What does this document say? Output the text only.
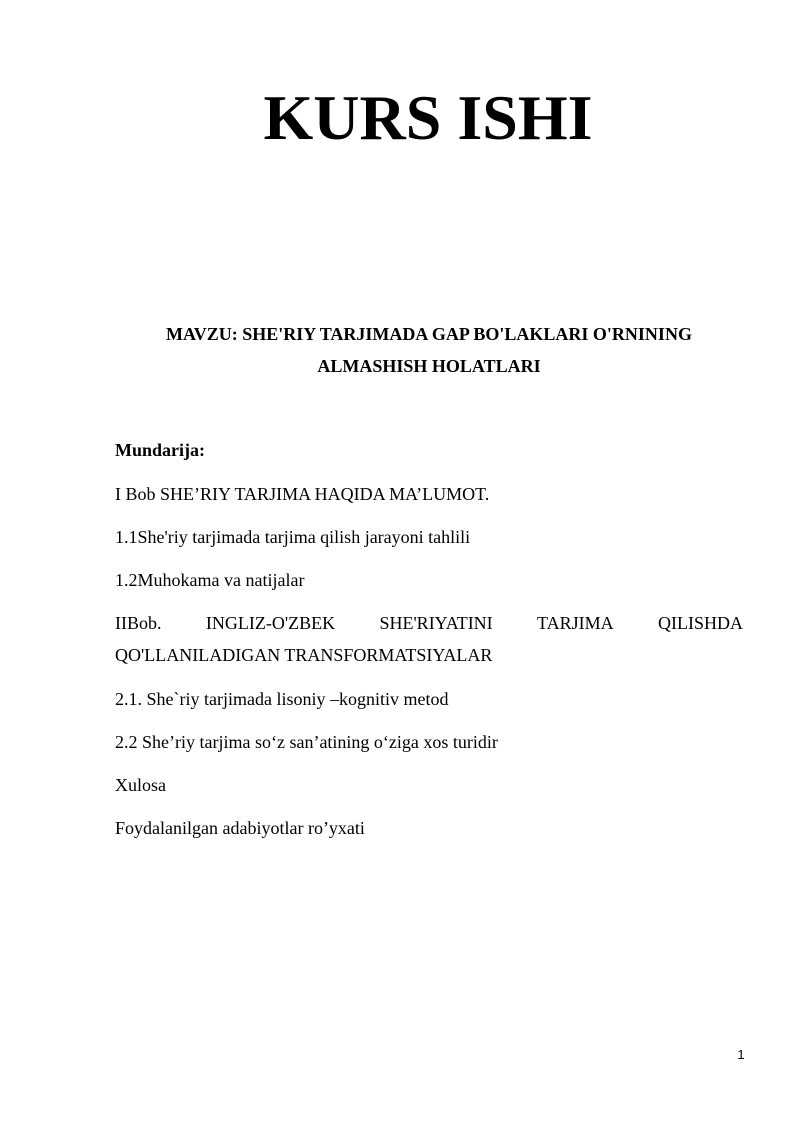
KURS ISHI
MAVZU: SHE'RIY TARJIMADA GAP BO'LAKLARI O'RNINING
ALMASHISH HOLATLARI
Mundarija:
I Bob SHE’RIY TARJIMA HAQIDA MA’LUMOT.
1.1She'riy tarjimada tarjima qilish jarayoni tahlili
1.2Muhokama va natijalar
IIBob. INGLIZ-O'ZBEK SHE'RIYATINI TARJIMA QILISHDA
QO'LLANILADIGAN TRANSFORMATSIYALAR
2.1. She`riy tarjimada lisoniy –kognitiv metod
2.2 She’riy tarjima so‘z san’atining o‘ziga xos turidir
Xulosa
Foydalanilgan adabiyotlar ro’yxati
1
